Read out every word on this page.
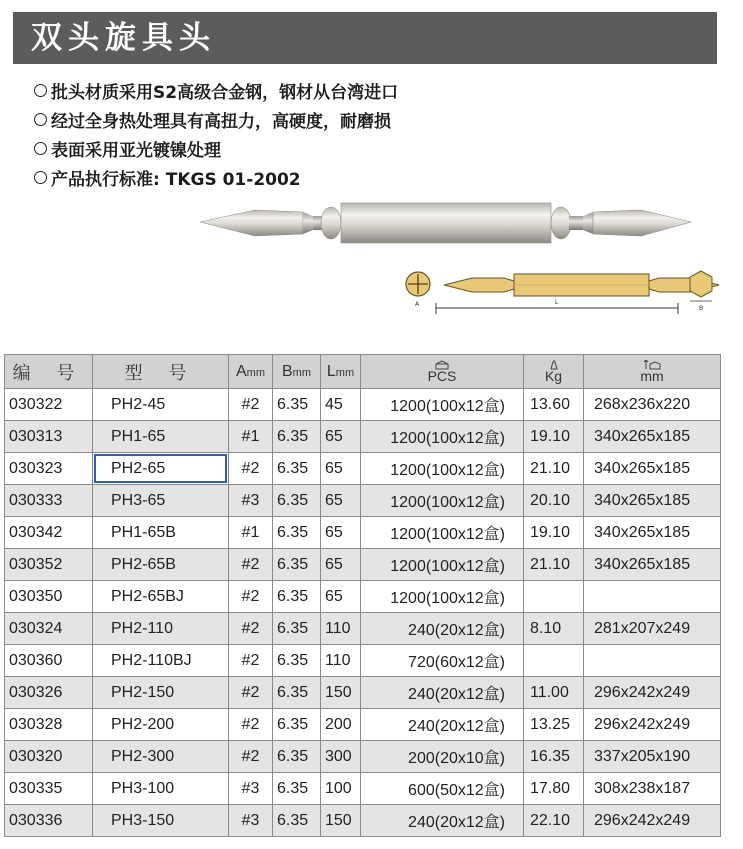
双头旋具头
批头材质采用S2高级合金钢，钢材从台湾进口
经过全身热处理具有高扭力，高硬度，耐磨损
表面采用亚光镀镍处理
产品执行标准: TKGS 01-2002
A	L
B
编 号	型 号	Amm	Bmm	Lmm	PCS	Kg	mm

030322	PH2-45	#2	6.35	45	1200(100x12盒)	13.60	268x236x220
030313	PH1-65	#1	6.35	65	1200(100x12盒)	19.10	340x265x185
030323	PH2-65	#2	6.35	65	1200(100x12盒)	21.10	340x265x185
030333	PH3-65	#3	6.35	65	1200(100x12盒)	20.10	340x265x185
030342	PH1-65B	#1	6.35	65	1200(100x12盒)	19.10	340x265x185
030352	PH2-65B	#2	6.35	65	1200(100x12盒)	21.10	340x265x185
030350	PH2-65BJ	#2	6.35	65	1200(100x12盒)		
030324	PH2-110	#2	6.35	110	240(20x12盒)	8.10	281x207x249
030360	PH2-110BJ	#2	6.35	110	720(60x12盒)		
030326	PH2-150	#2	6.35	150	240(20x12盒)	11.00	296x242x249
030328	PH2-200	#2	6.35	200	240(20x12盒)	13.25	296x242x249
030320	PH2-300	#2	6.35	300	200(20x10盒)	16.35	337x205x190
030335	PH3-100	#3	6.35	100	600(50x12盒)	17.80	308x238x187
030336	PH3-150	#3	6.35	150	240(20x12盒)	22.10	296x242x249
